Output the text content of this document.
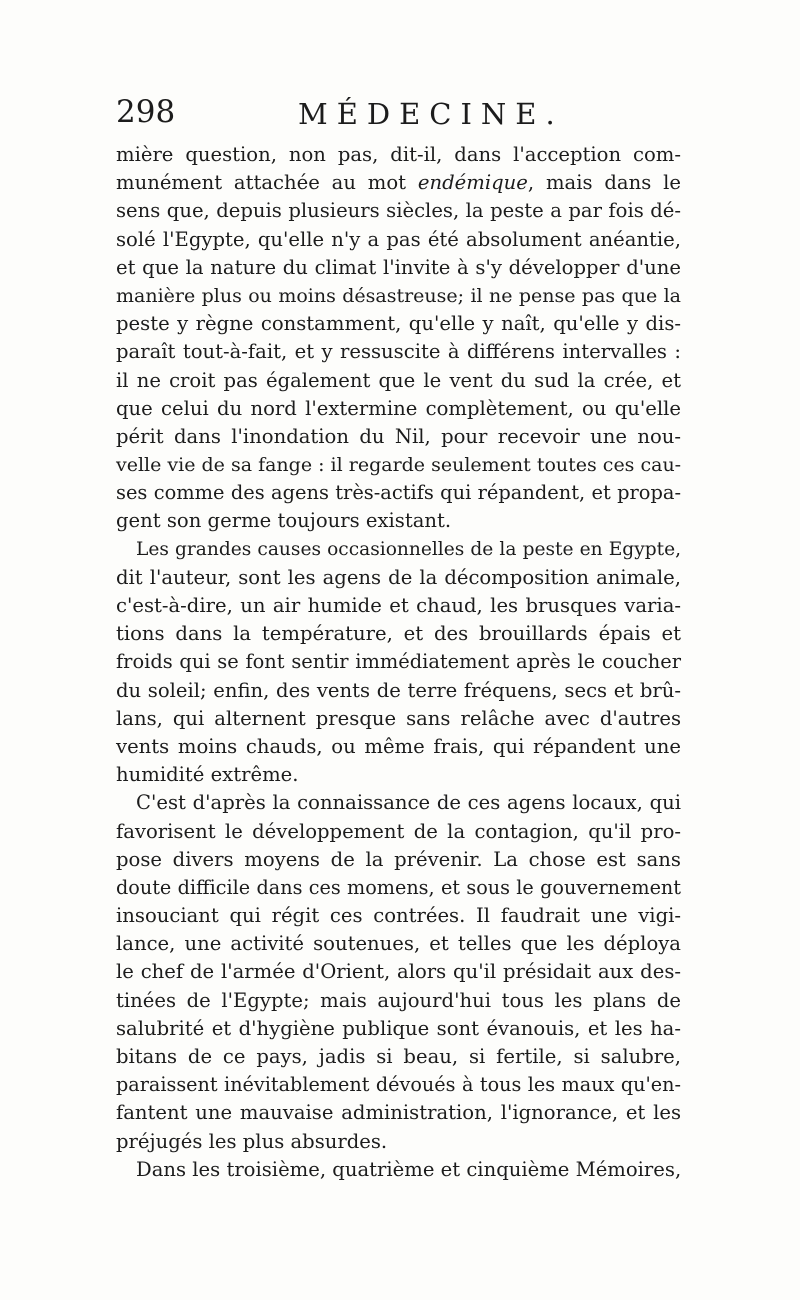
298	MÉDECINE.
mière question, non pas, dit-il, dans l'acception com-
munément attachée au mot endémique, mais dans le
sens que, depuis plusieurs siècles, la peste a par fois dé-
solé l'Egypte, qu'elle n'y a pas été absolument anéantie,
et que la nature du climat l'invite à s'y développer d'une
manière plus ou moins désastreuse; il ne pense pas que la
peste y règne constamment, qu'elle y naît, qu'elle y dis-
paraît tout-à-fait, et y ressuscite à différens intervalles :
il ne croit pas également que le vent du sud la crée, et
que celui du nord l'extermine complètement, ou qu'elle
périt dans l'inondation du Nil, pour recevoir une nou-
velle vie de sa fange : il regarde seulement toutes ces cau-
ses comme des agens très-actifs qui répandent, et propa-
gent son germe toujours existant.
Les grandes causes occasionnelles de la peste en Egypte,
dit l'auteur, sont les agens de la décomposition animale,
c'est-à-dire, un air humide et chaud, les brusques varia-
tions dans la température, et des brouillards épais et
froids qui se font sentir immédiatement après le coucher
du soleil; enfin, des vents de terre fréquens, secs et brû-
lans, qui alternent presque sans relâche avec d'autres
vents moins chauds, ou même frais, qui répandent une
humidité extrême.
C'est d'après la connaissance de ces agens locaux, qui
favorisent le développement de la contagion, qu'il pro-
pose divers moyens de la prévenir. La chose est sans
doute difficile dans ces momens, et sous le gouvernement
insouciant qui régit ces contrées. Il faudrait une vigi-
lance, une activité soutenues, et telles que les déploya
le chef de l'armée d'Orient, alors qu'il présidait aux des-
tinées de l'Egypte; mais aujourd'hui tous les plans de
salubrité et d'hygiène publique sont évanouis, et les ha-
bitans de ce pays, jadis si beau, si fertile, si salubre,
paraissent inévitablement dévoués à tous les maux qu'en-
fantent une mauvaise administration, l'ignorance, et les
préjugés les plus absurdes.
Dans les troisième, quatrième et cinquième Mémoires,
